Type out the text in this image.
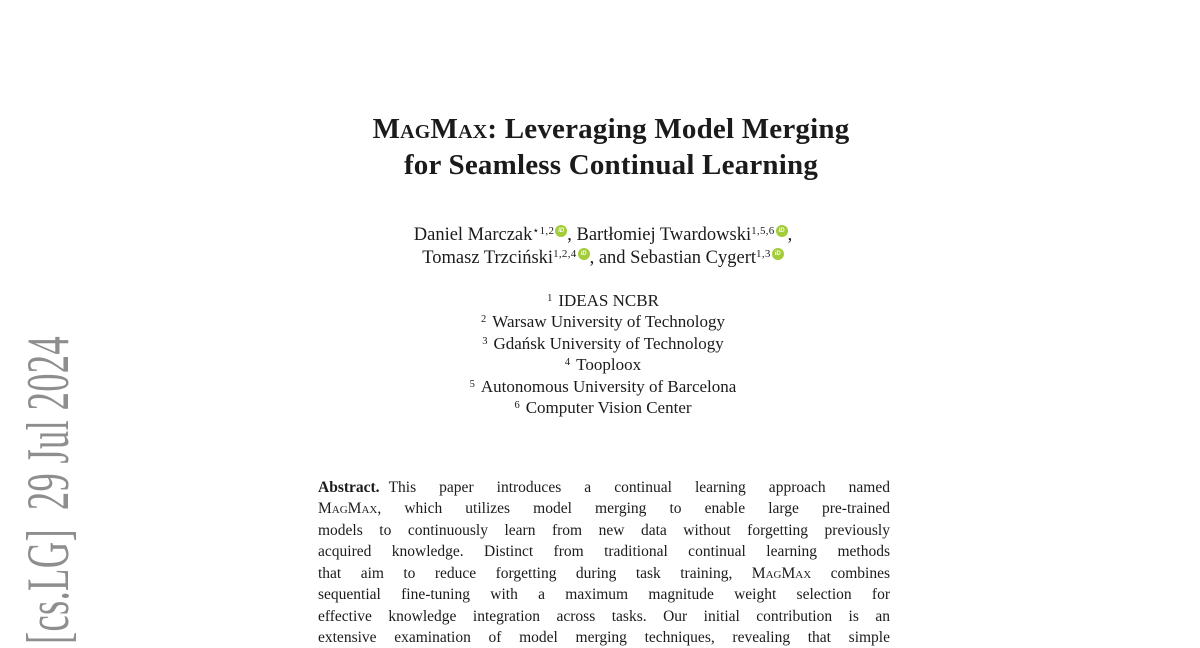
[cs.LG]  29 Jul 2024
MagMax: Leveraging Model Merging
for Seamless Continual Learning
Daniel Marczak$^{⋆1,2}$ iD , Bartłomiej Twardowski$^{1,5,6}$ iD ,
Tomasz Trzciński$^{1,2,4}$ iD , and Sebastian Cygert$^{1,3}$ iD
$^1$ IDEAS NCBR
$^2$ Warsaw University of Technology
$^3$ Gdańsk University of Technology
$^4$ Tooploox
$^5$ Autonomous University of Barcelona
$^6$ Computer Vision Center
Abstract. This paper introduces a continual learning approach named
MagMax, which utilizes model merging to enable large pre-trained
models to continuously learn from new data without forgetting previously
acquired knowledge. Distinct from traditional continual learning methods
that aim to reduce forgetting during task training, MagMax combines
sequential fine-tuning with a maximum magnitude weight selection for
effective knowledge integration across tasks. Our initial contribution is an
extensive examination of model merging techniques, revealing that simple
